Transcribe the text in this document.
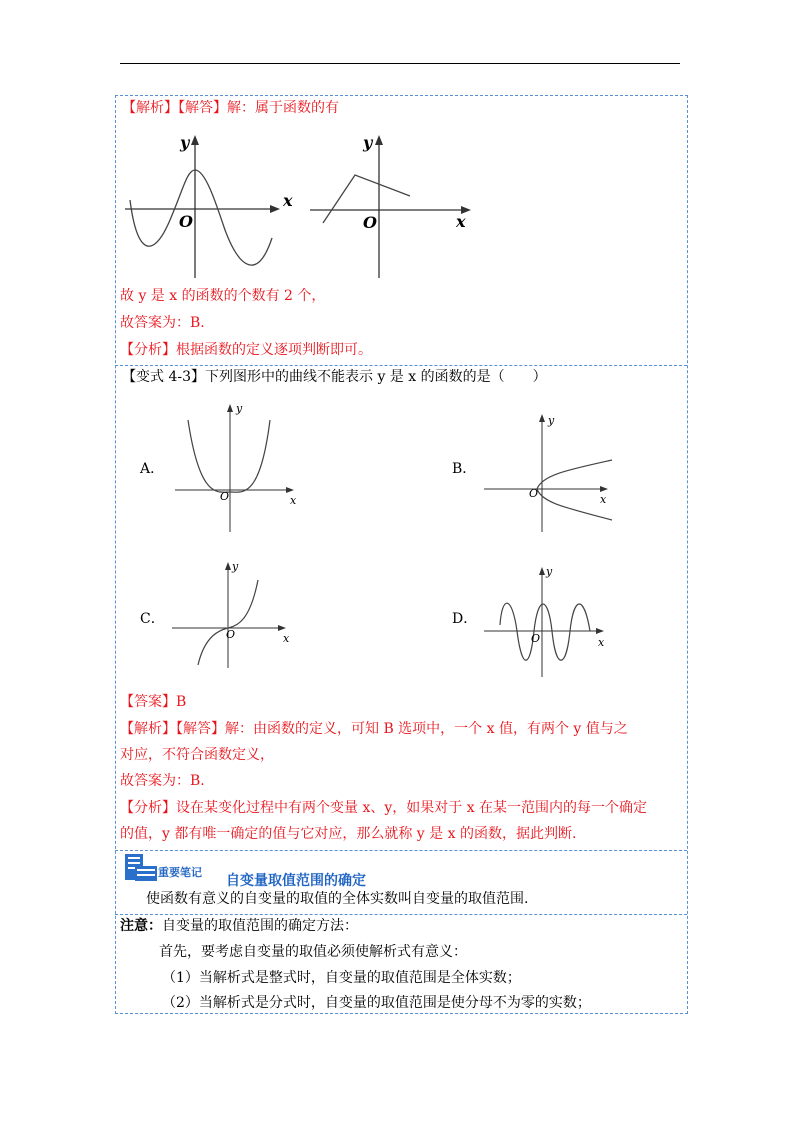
【解析】【解答】解：属于函数的有
y
x
O
y
x
O
故 y 是 x 的函数的个数有 2 个，
故答案为：B.
【分析】根据函数的定义逐项判断即可。
【变式 4-3】下列图形中的曲线不能表示 y 是 x 的函数的是（　　）
A．
y
x
O
B．
y
x
O
C．
y
x
O
D．
y
x
O
【答案】B
【解析】【解答】解：由函数的定义，可知 B 选项中，一个 x 值，有两个 y 值与之
对应，不符合函数定义，
故答案为：B.
【分析】设在某变化过程中有两个变量 x、y，如果对于 x 在某一范围内的每一个确定
的值，y 都有唯一确定的值与它对应，那么就称 y 是 x 的函数，据此判断.
重要笔记
自变量取值范围的确定
使函数有意义的自变量的取值的全体实数叫自变量的取值范围.
注意：自变量的取值范围的确定方法：
首先，要考虑自变量的取值必须使解析式有意义：
（1）当解析式是整式时，自变量的取值范围是全体实数；
（2）当解析式是分式时，自变量的取值范围是使分母不为零的实数；
